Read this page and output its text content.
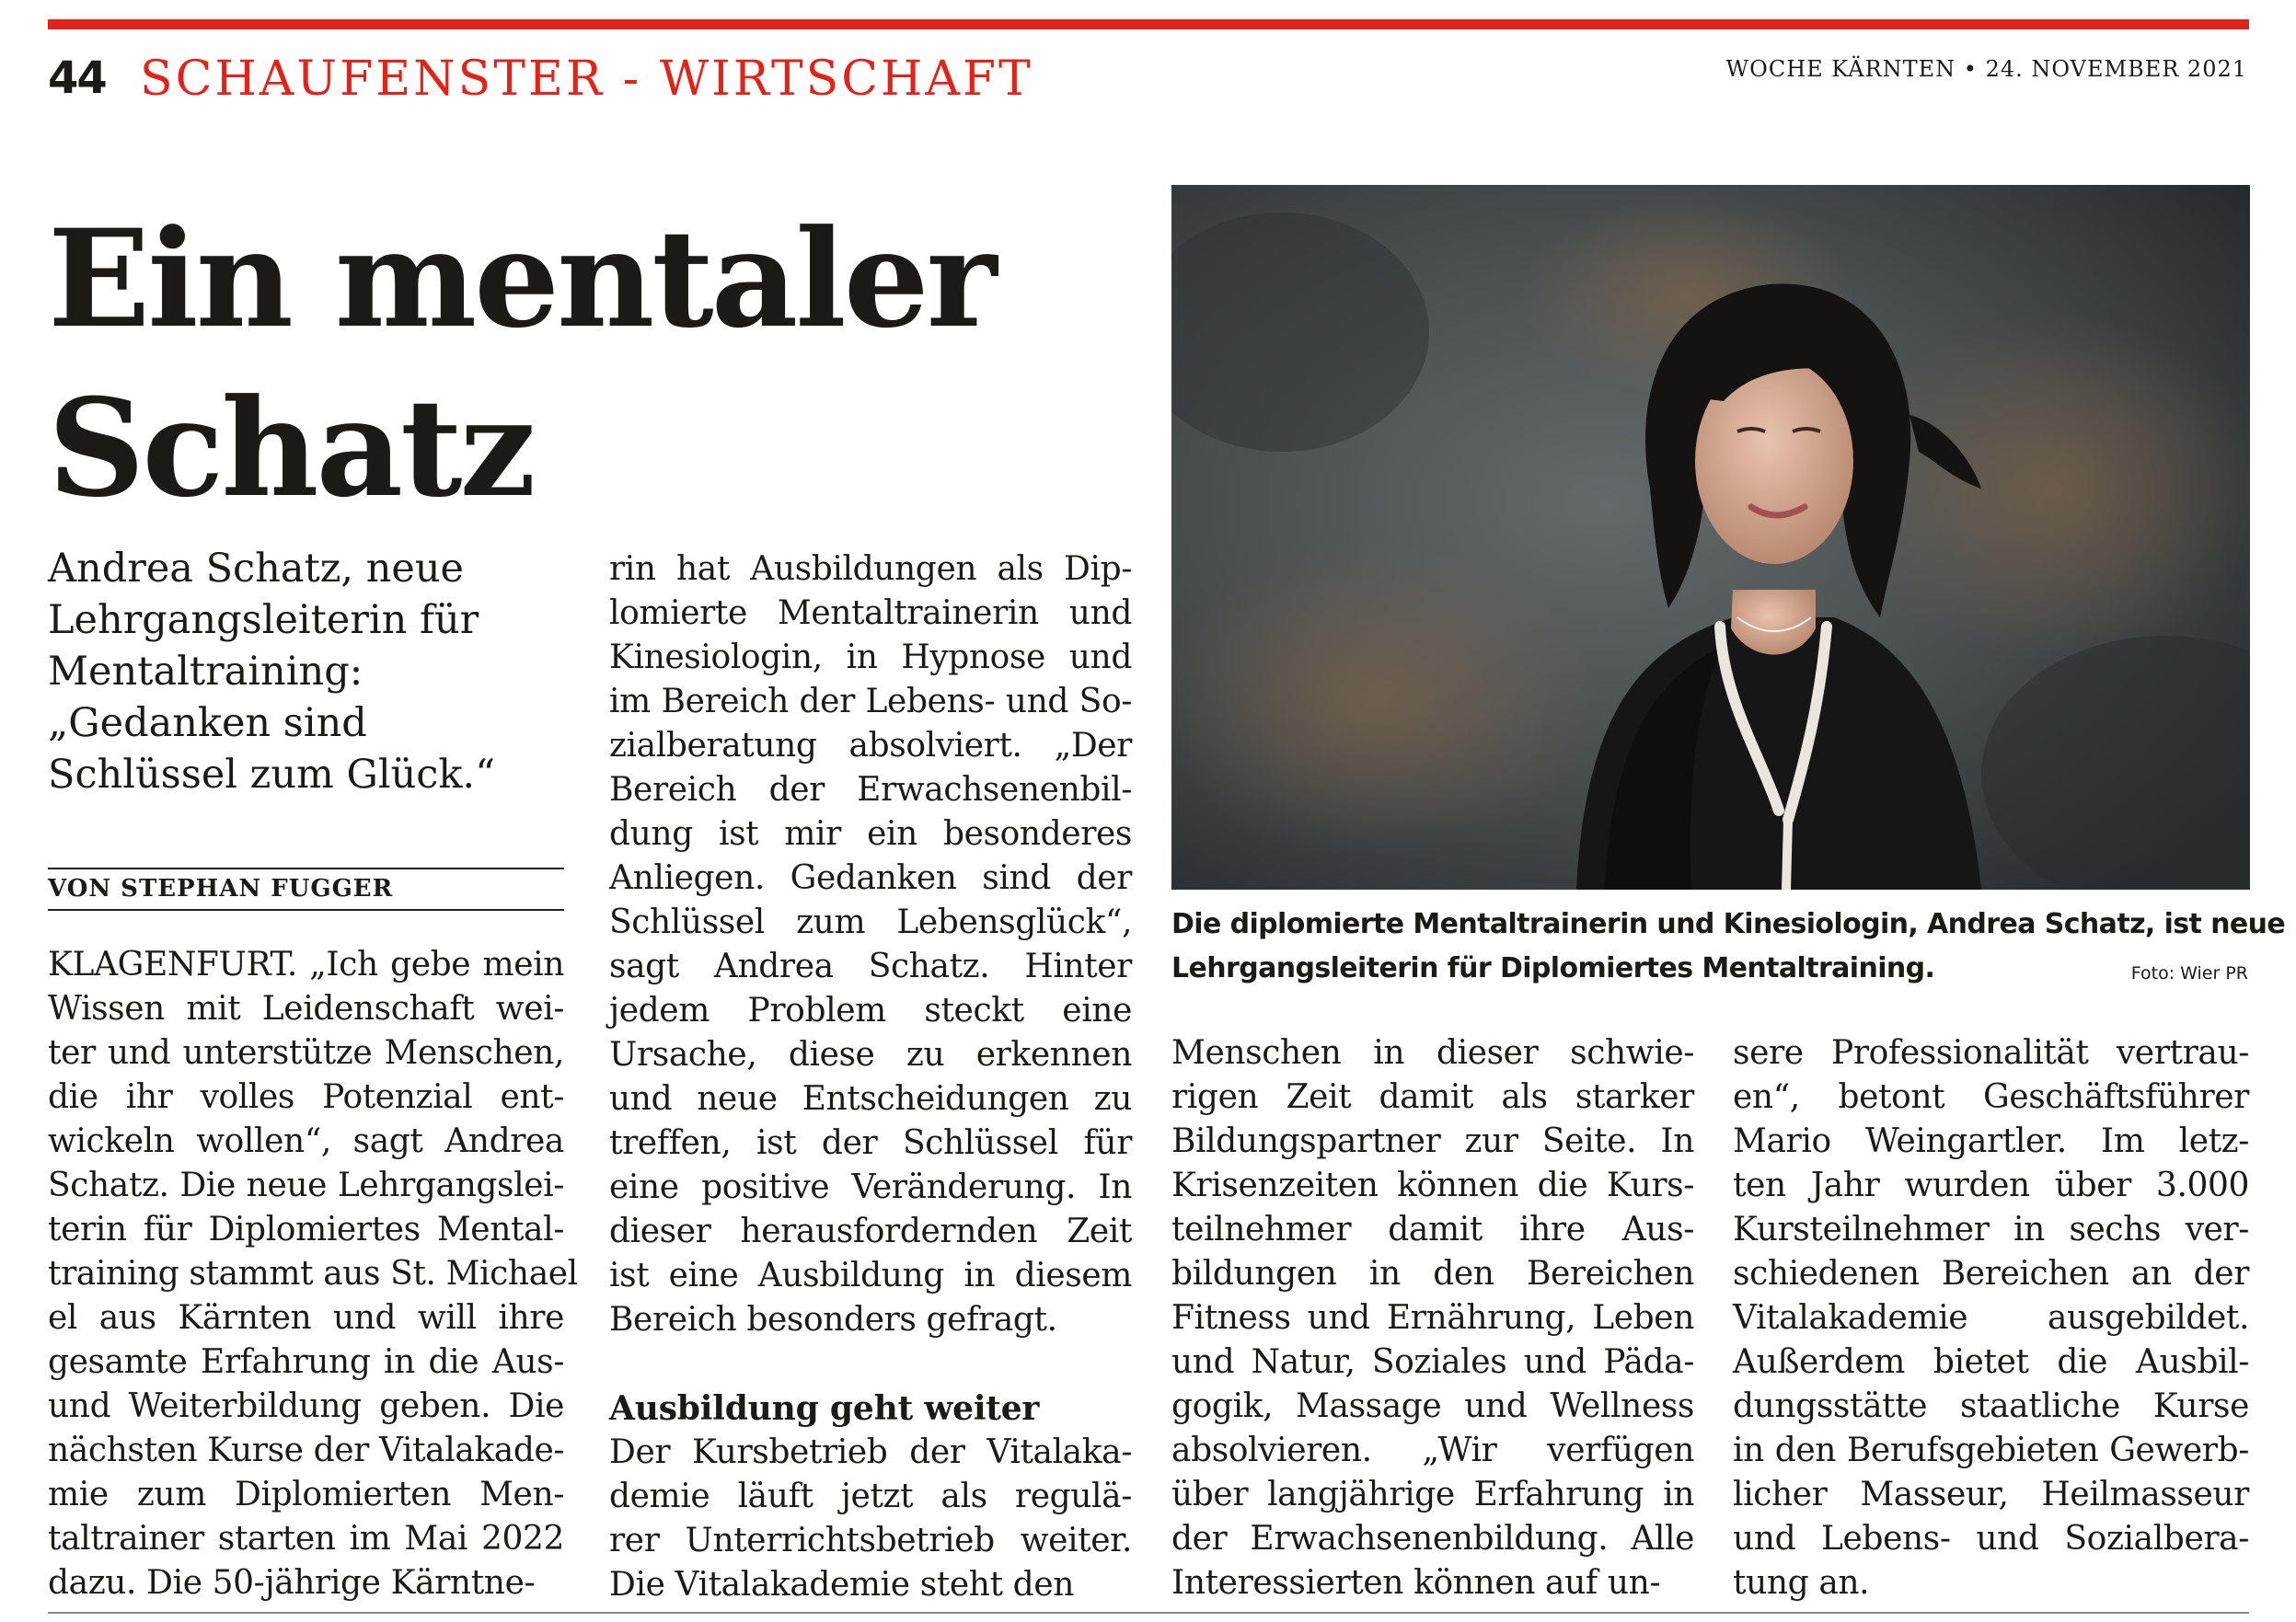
44 SCHAUFENSTER - WIRTSCHAFT	WOCHE KÄRNTEN • 24. NOVEMBER 2021
Ein mentaler
Schatz
Andrea Schatz, neue
Lehrgangsleiterin für
Mentaltraining:
„Gedanken sind
Schlüssel zum Glück.“
VON STEPHAN FUGGER
KLAGENFURT. „Ich gebe mein
Wissen mit Leidenschaft wei-
ter und unterstütze Menschen,
die ihr volles Potenzial ent-
wickeln wollen“, sagt Andrea
Schatz. Die neue Lehrgangslei-
terin für Diplomiertes Mental-
training stammt aus St. Michael
el aus Kärnten und will ihre
gesamte Erfahrung in die Aus-
und Weiterbildung geben. Die
nächsten Kurse der Vitalakade-
mie zum Diplomierten Men-
taltrainer starten im Mai 2022
dazu. Die 50-jährige Kärntne-
rin hat Ausbildungen als Dip-
lomierte Mentaltrainerin und
Kinesiologin, in Hypnose und
im Bereich der Lebens- und So-
zialberatung absolviert. „Der
Bereich der Erwachsenenbil-
dung ist mir ein besonderes
Anliegen. Gedanken sind der
Schlüssel zum Lebensglück“,
sagt Andrea Schatz. Hinter
jedem Problem steckt eine
Ursache, diese zu erkennen
und neue Entscheidungen zu
treffen, ist der Schlüssel für
eine positive Veränderung. In
dieser herausfordernden Zeit
ist eine Ausbildung in diesem
Bereich besonders gefragt.
Ausbildung geht weiter
Der Kursbetrieb der Vitalaka-
demie läuft jetzt als regulä-
rer Unterrichtsbetrieb weiter.
Die Vitalakademie steht den
Menschen in dieser schwie-
rigen Zeit damit als starker
Bildungspartner zur Seite. In
Krisenzeiten können die Kurs-
teilnehmer damit ihre Aus-
bildungen in den Bereichen
Fitness und Ernährung, Leben
und Natur, Soziales und Päda-
gogik, Massage und Wellness
absolvieren. „Wir verfügen
über langjährige Erfahrung in
der Erwachsenenbildung. Alle
Interessierten können auf un-
sere Professionalität vertrau-
en“, betont Geschäftsführer
Mario Weingartler. Im letz-
ten Jahr wurden über 3.000
Kursteilnehmer in sechs ver-
schiedenen Bereichen an der
Vitalakademie ausgebildet.
Außerdem bietet die Ausbil-
dungsstätte staatliche Kurse
in den Berufsgebieten Gewerb-
licher Masseur, Heilmasseur
und Lebens- und Sozialbera-
tung an.
Die diplomierte Mentaltrainerin und Kinesiologin, Andrea Schatz, ist neue
Lehrgangsleiterin für Diplomiertes Mentaltraining.	Foto: Wier PR
